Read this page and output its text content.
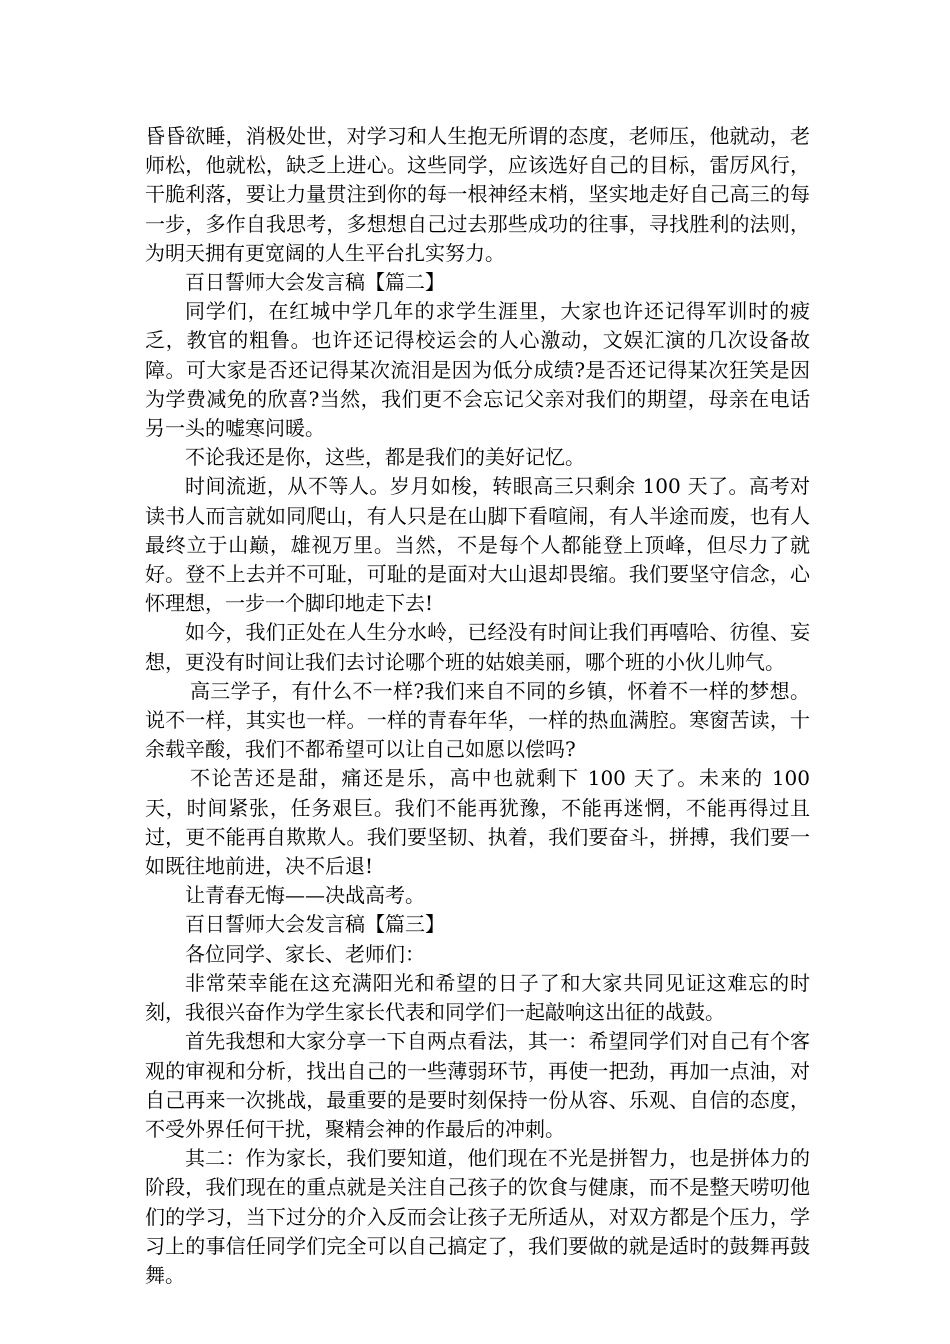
昏昏欲睡，消极处世，对学习和人生抱无所谓的态度，老师压，他就动，老师松，他就松，缺乏上进心。这些同学，应该选好自己的目标，雷厉风行，干脆利落，要让力量贯注到你的每一根神经末梢，坚实地走好自己高三的每一步，多作自我思考，多想想自己过去那些成功的往事，寻找胜利的法则，为明天拥有更宽阔的人生平台扎实努力。

百日誓师大会发言稿【篇二】

同学们，在红城中学几年的求学生涯里，大家也许还记得军训时的疲乏，教官的粗鲁。也许还记得校运会的人心激动，文娱汇演的几次设备故障。可大家是否还记得某次流泪是因为低分成绩?是否还记得某次狂笑是因为学费减免的欣喜?当然，我们更不会忘记父亲对我们的期望，母亲在电话另一头的嘘寒问暖。

不论我还是你，这些，都是我们的美好记忆。

时间流逝，从不等人。岁月如梭，转眼高三只剩余 100 天了。高考对读书人而言就如同爬山，有人只是在山脚下看喧闹，有人半途而废，也有人最终立于山巅，雄视万里。当然，不是每个人都能登上顶峰，但尽力了就好。登不上去并不可耻，可耻的是面对大山退却畏缩。我们要坚守信念，心怀理想，一步一个脚印地走下去!

如今，我们正处在人生分水岭，已经没有时间让我们再嘻哈、彷徨、妄想，更没有时间让我们去讨论哪个班的姑娘美丽，哪个班的小伙儿帅气。

高三学子，有什么不一样?我们来自不同的乡镇，怀着不一样的梦想。说不一样，其实也一样。一样的青春年华，一样的热血满腔。寒窗苦读，十余载辛酸，我们不都希望可以让自己如愿以偿吗?

不论苦还是甜，痛还是乐，高中也就剩下 100 天了。未来的 100 天，时间紧张，任务艰巨。我们不能再犹豫，不能再迷惘，不能再得过且过，更不能再自欺欺人。我们要坚韧、执着，我们要奋斗，拼搏，我们要一如既往地前进，决不后退!

让青春无悔——决战高考。

百日誓师大会发言稿【篇三】

各位同学、家长、老师们：

非常荣幸能在这充满阳光和希望的日子了和大家共同见证这难忘的时刻，我很兴奋作为学生家长代表和同学们一起敲响这出征的战鼓。

首先我想和大家分享一下自两点看法，其一：希望同学们对自己有个客观的审视和分析，找出自己的一些薄弱环节，再使一把劲，再加一点油，对自己再来一次挑战，最重要的是要时刻保持一份从容、乐观、自信的态度，不受外界任何干扰，聚精会神的作最后的冲刺。

其二：作为家长，我们要知道，他们现在不光是拼智力，也是拼体力的阶段，我们现在的重点就是关注自己孩子的饮食与健康，而不是整天唠叨他们的学习，当下过分的介入反而会让孩子无所适从，对双方都是个压力，学习上的事信任同学们完全可以自己搞定了，我们要做的就是适时的鼓舞再鼓舞。
